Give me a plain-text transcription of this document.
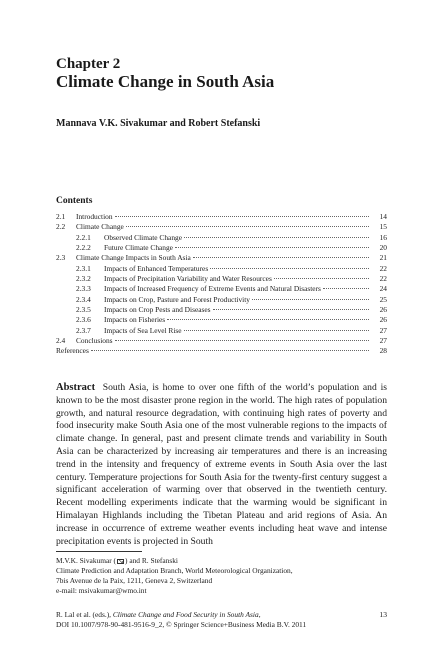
Chapter 2
Climate Change in South Asia
Mannava V.K. Sivakumar and Robert Stefanski
Contents
2.1	Introduction	14
2.2	Climate Change	15
2.2.1	Observed Climate Change	16
2.2.2	Future Climate Change	20
2.3	Climate Change Impacts in South Asia	21
2.3.1	Impacts of Enhanced Temperatures	22
2.3.2	Impacts of Precipitation Variability and Water Resources	22
2.3.3	Impacts of Increased Frequency of Extreme Events and Natural Disasters	24
2.3.4	Impacts on Crop, Pasture and Forest Productivity	25
2.3.5	Impacts on Crop Pests and Diseases	26
2.3.6	Impacts on Fisheries	26
2.3.7	Impacts of Sea Level Rise	27
2.4	Conclusions	27
References	28

Abstract South Asia, is home to over one fifth of the world’s population and is known to be the most disaster prone region in the world. The high rates of population growth, and natural resource degradation, with continuing high rates of poverty and food insecurity make South Asia one of the most vulnerable regions to the impacts of climate change. In general, past and present climate trends and variability in South Asia can be characterized by increasing air temperatures and there is an increasing trend in the intensity and frequency of extreme events in South Asia over the last century. Temperature projections for South Asia for the twenty-first century suggest a significant acceleration of warming over that observed in the twentieth century. Recent modelling experiments indicate that the warming would be significant in Himalayan Highlands including the Tibetan Plateau and arid regions of Asia. An increase in occurrence of extreme weather events including heat wave and intense precipitation events is projected in South

M.V.K. Sivakumar ( ) and R. Stefanski
Climate Prediction and Adaptation Branch, World Meteorological Organization,
7bis Avenue de la Paix, 1211, Geneva 2, Switzerland
e-mail: msivakumar@wmo.int
R. Lal et al. (eds.), Climate Change and Food Security in South Asia,
DOI 10.1007/978-90-481-9516-9_2, © Springer Science+Business Media B.V. 2011
13
